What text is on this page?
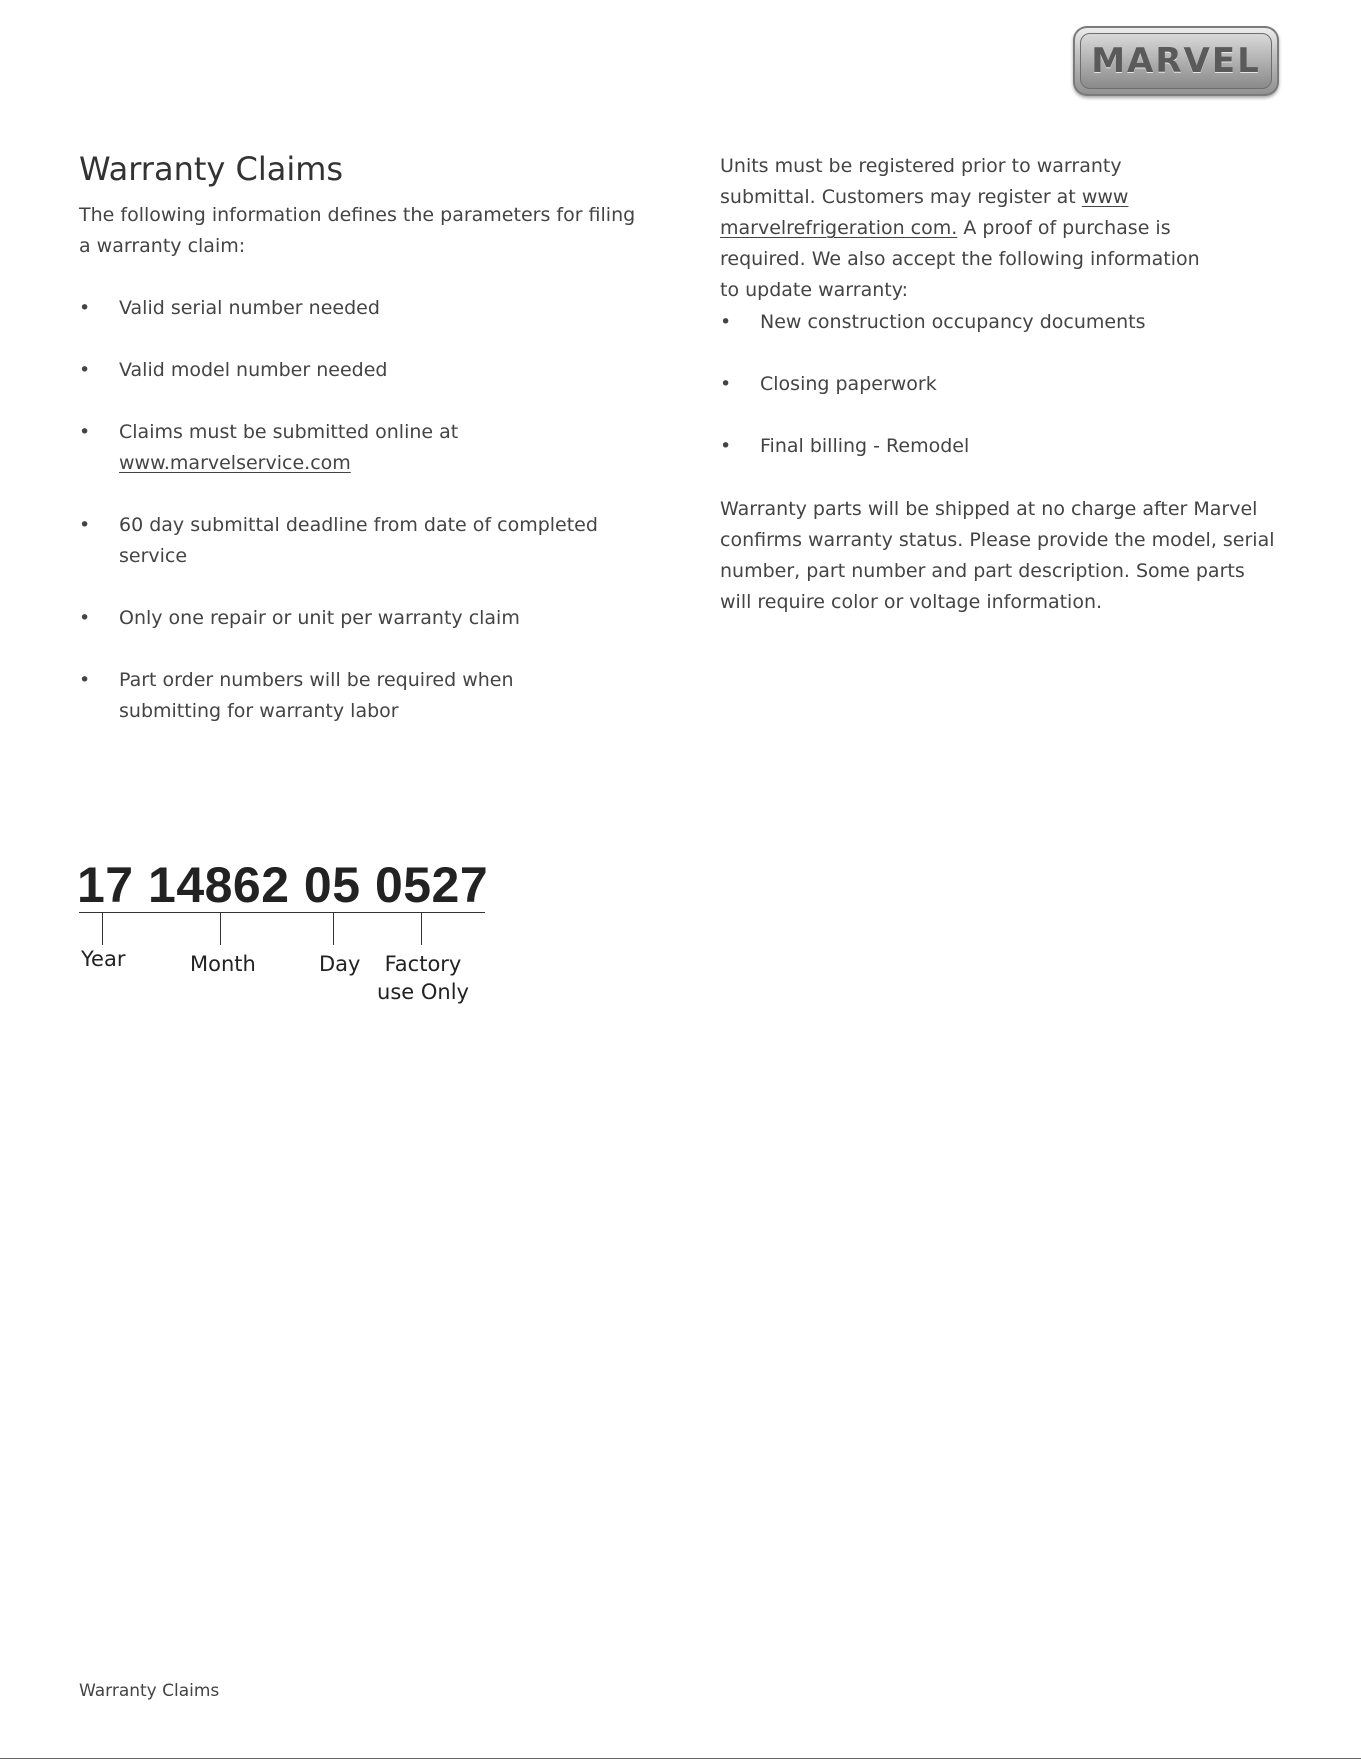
MARVEL
Warranty Claims

The following information defines the parameters for filing a warranty claim:

• Valid serial number needed
• Valid model number needed
• Claims must be submitted online at
www.marvelservice.com
• 60 day submittal deadline from date of completed service
• Only one repair or unit per warranty claim
• Part order numbers will be required when submitting for warranty labor

Units must be registered prior to warranty submittal. Customers may register at www marvelrefrigeration com. A proof of purchase is required. We also accept the following information to update warranty:

• New construction occupancy documents
• Closing paperwork
• Final billing - Remodel

Warranty parts will be shipped at no charge after Marvel confirms warranty status. Please provide the model, serial number, part number and part description. Some parts will require color or voltage information.

17 14862 05 0527
Year	Month	Day	Factory use Only
Warranty Claims
